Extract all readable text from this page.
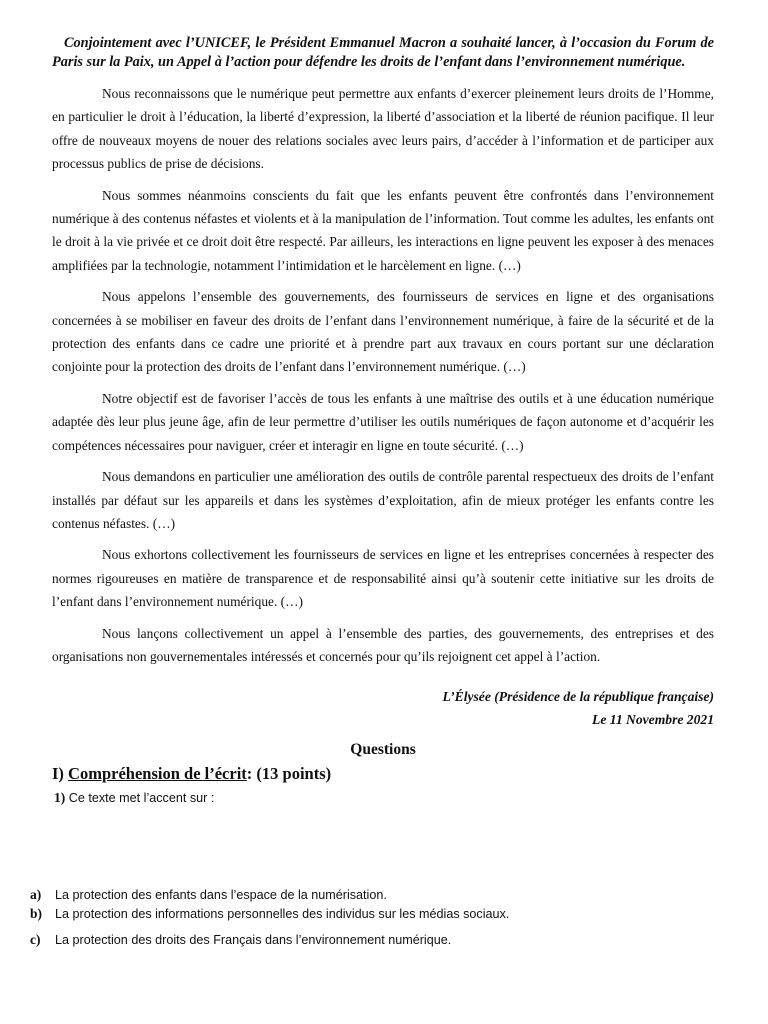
Conjointement avec l’UNICEF, le Président Emmanuel Macron a souhaité lancer, à l’occasion du Forum de Paris sur la Paix, un Appel à l’action pour défendre les droits de l’enfant dans l’environnement numérique.

Nous reconnaissons que le numérique peut permettre aux enfants d’exercer pleinement leurs droits de l’Homme, en particulier le droit à l’éducation, la liberté d’expression, la liberté d’association et la liberté de réunion pacifique. Il leur offre de nouveaux moyens de nouer des relations sociales avec leurs pairs, d’accéder à l’information et de participer aux processus publics de prise de décisions.

Nous sommes néanmoins conscients du fait que les enfants peuvent être confrontés dans l’environnement numérique à des contenus néfastes et violents et à la manipulation de l’information. Tout comme les adultes, les enfants ont le droit à la vie privée et ce droit doit être respecté. Par ailleurs, les interactions en ligne peuvent les exposer à des menaces amplifiées par la technologie, notamment l’intimidation et le harcèlement en ligne. (…)

Nous appelons l’ensemble des gouvernements, des fournisseurs de services en ligne et des organisations concernées à se mobiliser en faveur des droits de l’enfant dans l’environnement numérique, à faire de la sécurité et de la protection des enfants dans ce cadre une priorité et à prendre part aux travaux en cours portant sur une déclaration conjointe pour la protection des droits de l’enfant dans l’environnement numérique. (…)

Notre objectif est de favoriser l’accès de tous les enfants à une maîtrise des outils et à une éducation numérique adaptée dès leur plus jeune âge, afin de leur permettre d’utiliser les outils numériques de façon autonome et d’acquérir les compétences nécessaires pour naviguer, créer et interagir en ligne en toute sécurité. (…)

Nous demandons en particulier une amélioration des outils de contrôle parental respectueux des droits de l’enfant installés par défaut sur les appareils et dans les systèmes d’exploitation, afin de mieux protéger les enfants contre les contenus néfastes. (…)

Nous exhortons collectivement les fournisseurs de services en ligne et les entreprises concernées à respecter des normes rigoureuses en matière de transparence et de responsabilité ainsi qu’à soutenir cette initiative sur les droits de l’enfant dans l’environnement numérique. (…)

Nous lançons collectivement un appel à l’ensemble des parties, des gouvernements, des entreprises et des organisations non gouvernementales intéressés et concernés pour qu’ils rejoignent cet appel à l’action.

L’Élysée (Présidence de la république française)
Le 11 Novembre 2021
Questions
I) Compréhension de l’écrit: (13 points)
1) Ce texte met l’accent sur :
a) La protection des enfants dans l’espace de la numérisation.
b) La protection des informations personnelles des individus sur les médias sociaux.
c) La protection des droits des Français dans l’environnement numérique.
